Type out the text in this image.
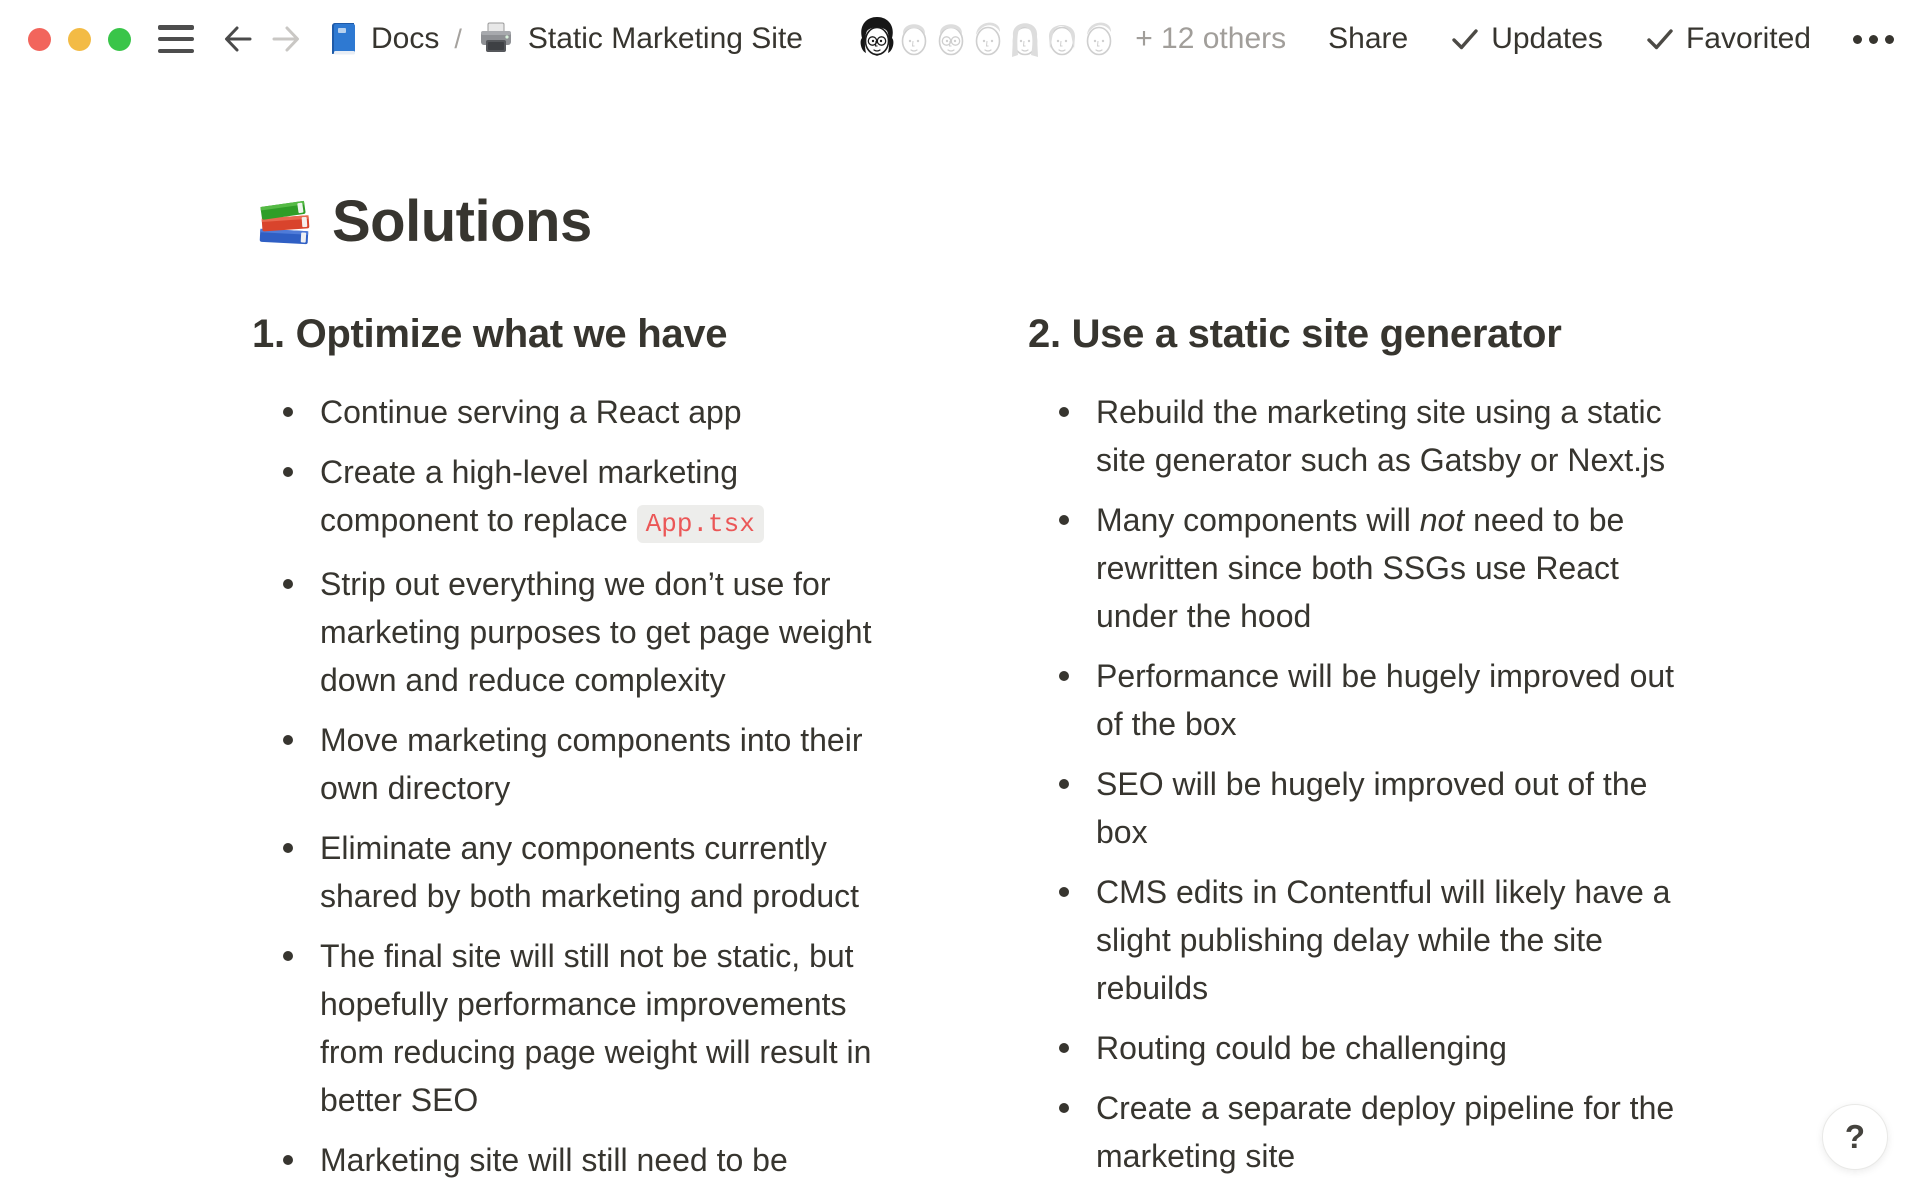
Docs / Static Marketing Site	+ 12 others Share	Updates	Favorited
Solutions
1. Optimize what we have
Continue serving a React app
Create a high-level marketing component to replace App.tsx
Strip out everything we don’t use for marketing purposes to get page weight down and reduce complexity
Move marketing components into their own directory
Eliminate any components currently shared by both marketing and product
The final site will still not be static, but hopefully performance improvements from reducing page weight will result in better SEO
Marketing site will still need to be
2. Use a static site generator
Rebuild the marketing site using a static site generator such as Gatsby or Next.js
Many components will not need to be rewritten since both SSGs use React under the hood
Performance will be hugely improved out of the box
SEO will be hugely improved out of the box
CMS edits in Contentful will likely have a slight publishing delay while the site rebuilds
Routing could be challenging
Create a separate deploy pipeline for the marketing site
?
